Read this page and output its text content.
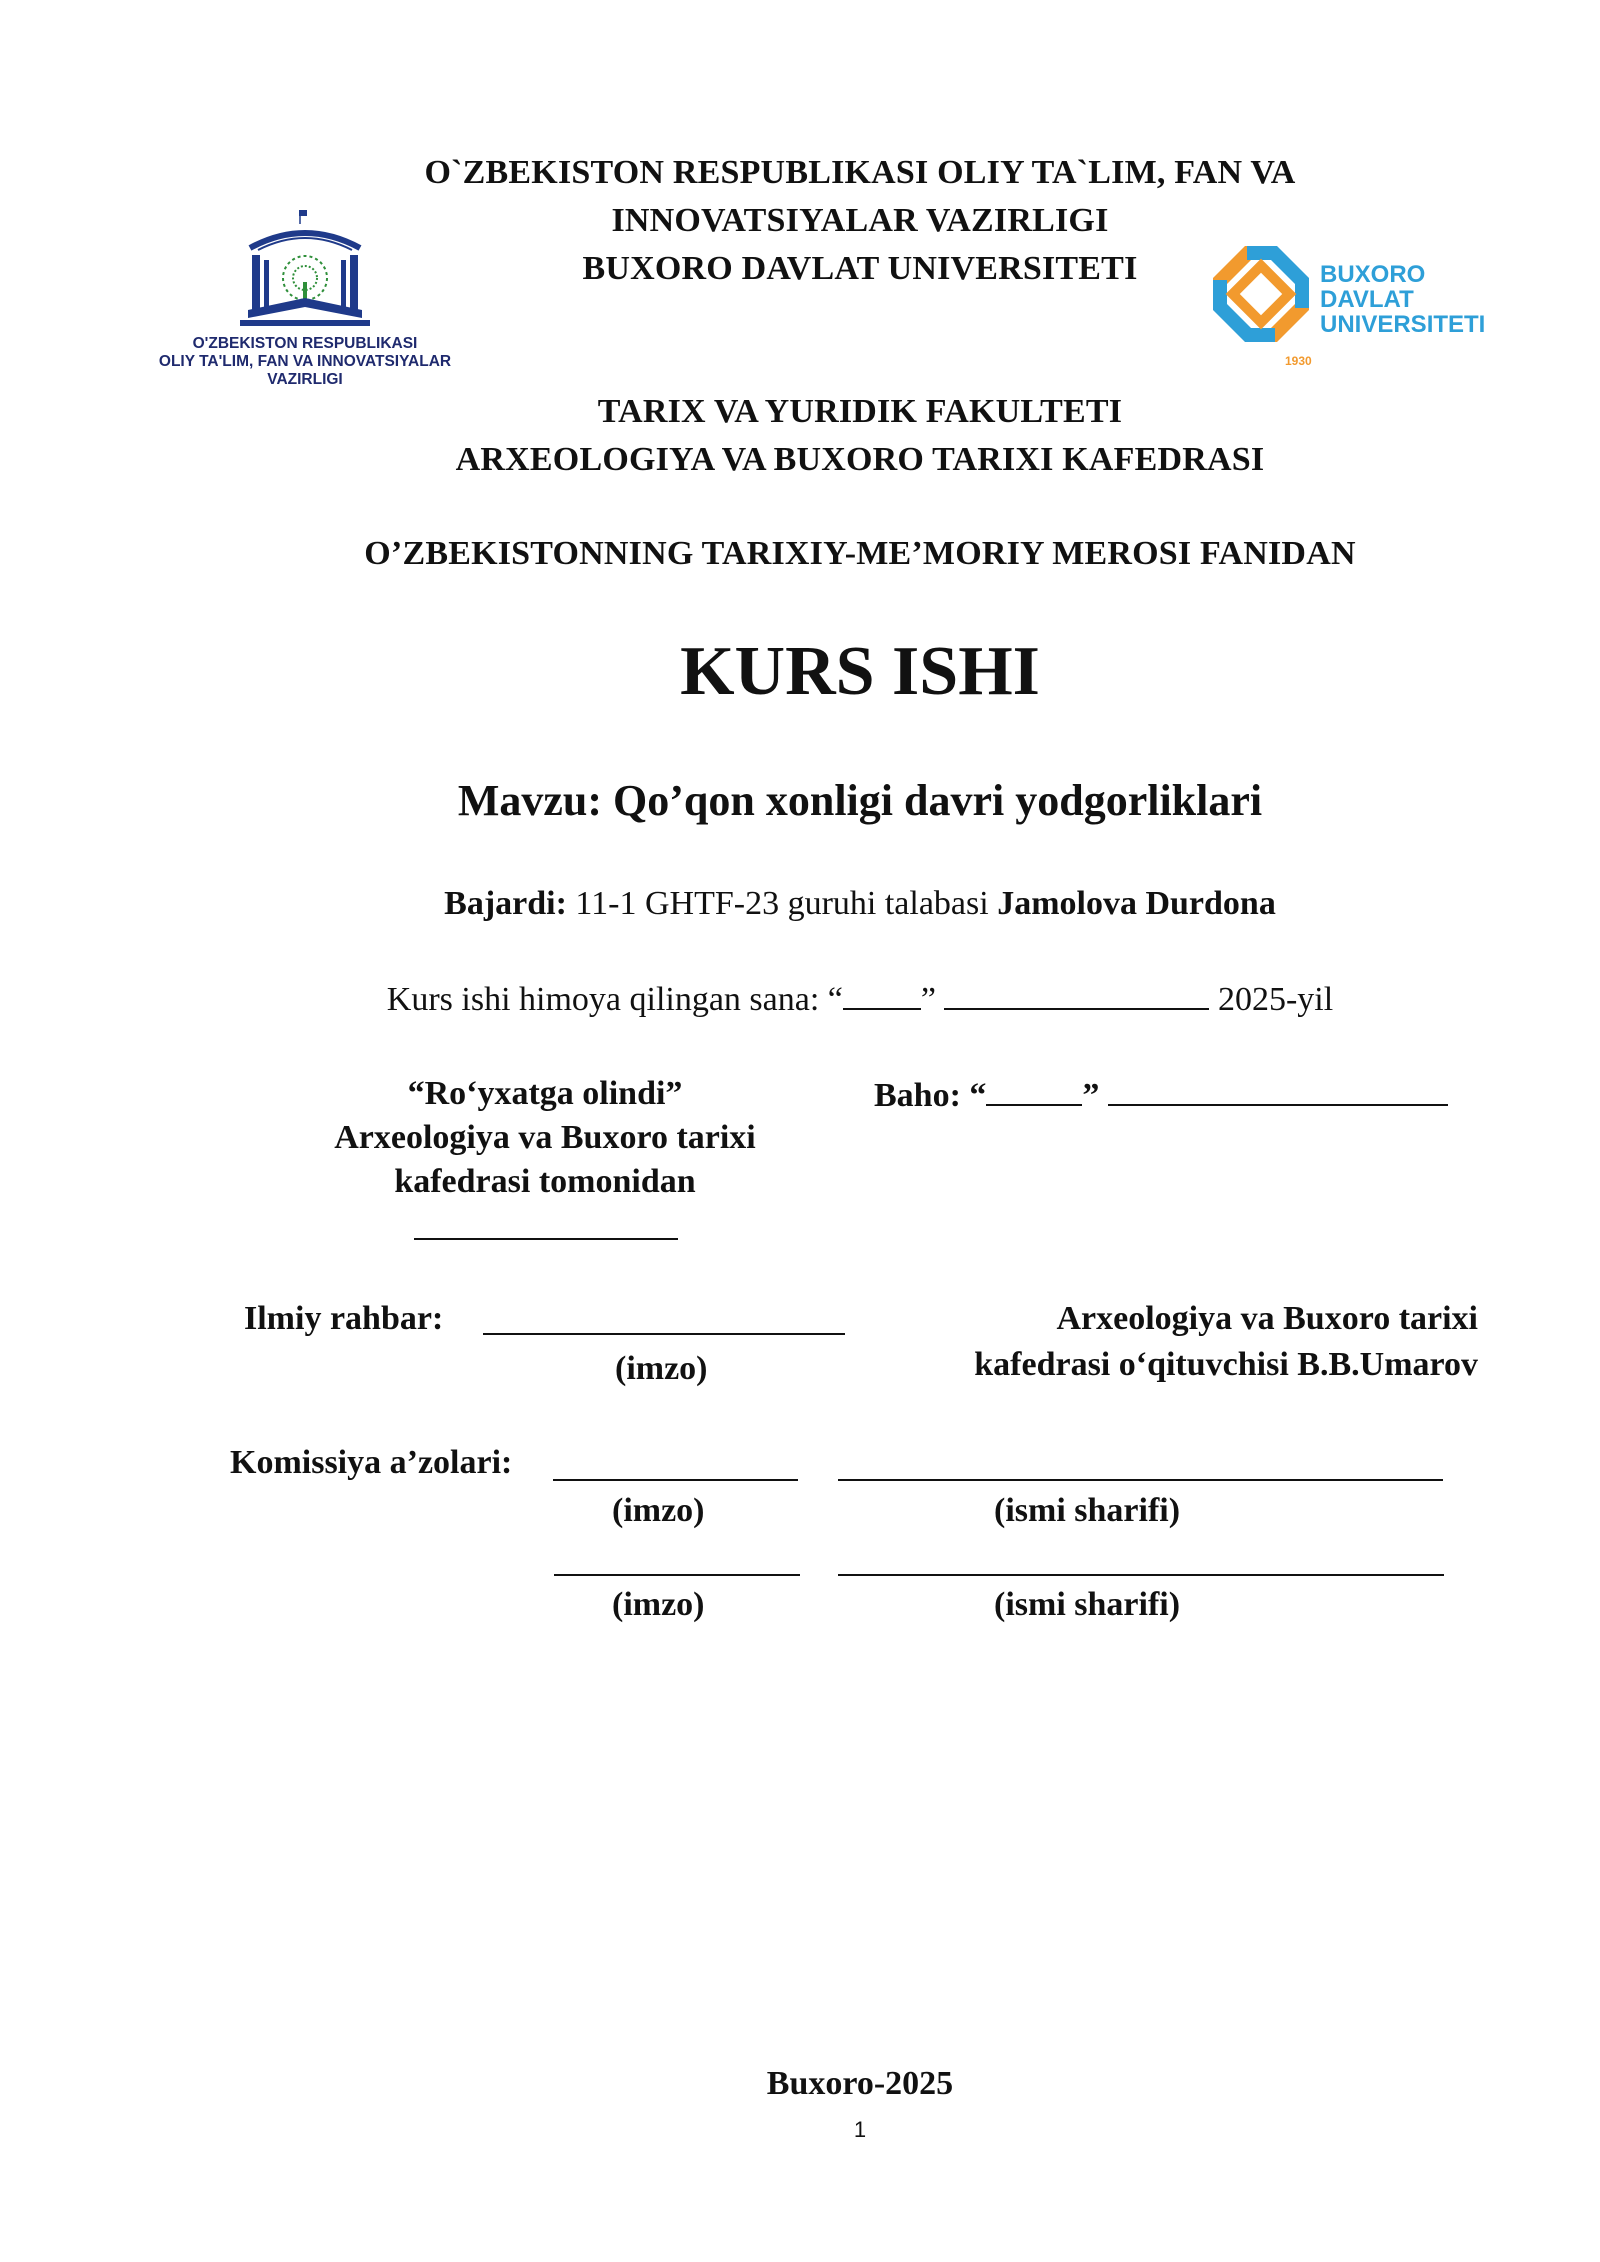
O'ZBEKISTON RESPUBLIKASI
OLIY TA'LIM, FAN VA INNOVATSIYALAR
VAZIRLIGI
BUXORO
DAVLAT
UNIVERSITETI
1930
O`ZBEKISTON RESPUBLIKASI OLIY TA`LIM, FAN VA
INNOVATSIYALAR VAZIRLIGI
BUXORO DAVLAT UNIVERSITETI
TARIX VA YURIDIK FAKULTETI
ARXEOLOGIYA VA BUXORO TARIXI KAFEDRASI
O’ZBEKISTONNING TARIXIY-ME’MORIY MEROSI FANIDAN
KURS ISHI
Mavzu: Qo’qon xonligi davri yodgorliklari
Bajardi: 11-1 GHTF-23 guruhi talabasi Jamolova Durdona
Kurs ishi himoya qilingan sana: “ ”	2025-yil
“Ro‘yxatga olindi”
Arxeologiya va Buxoro tarixi
kafedrasi tomonidan
Baho: “	”
Ilmiy rahbar:
(imzo)
Arxeologiya va Buxoro tarixi
kafedrasi o‘qituvchisi B.B.Umarov
Komissiya a’zolari:
(imzo)	(ismi sharifi)
(imzo)	(ismi sharifi)
Buxoro-2025
1
